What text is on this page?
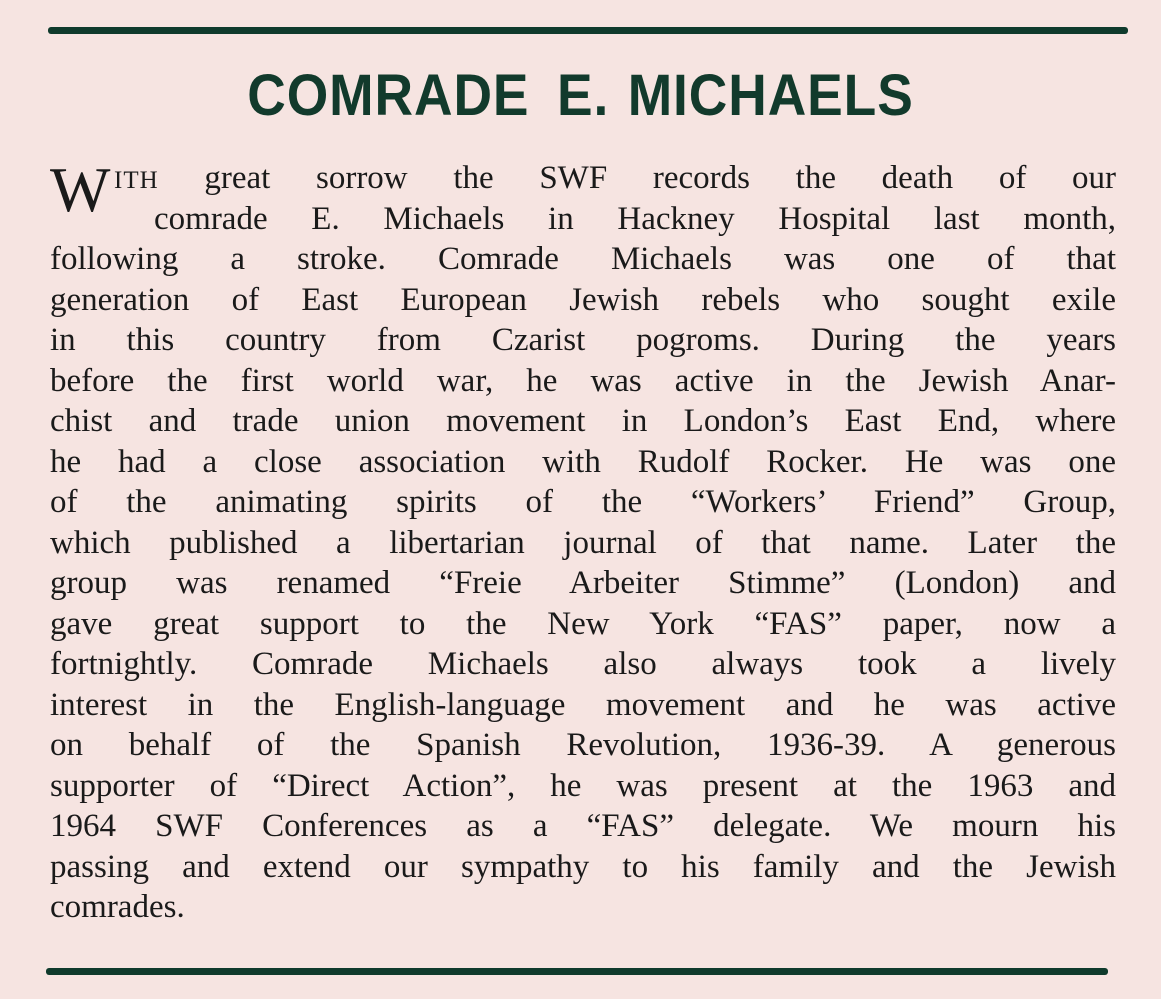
COMRADE E. MICHAELS
W ITH great sorrow the SWF records the death of our
comrade E. Michaels in Hackney Hospital last month,
following a stroke. Comrade Michaels was one of that
generation of East European Jewish rebels who sought exile
in this country from Czarist pogroms. During the years
before the first world war, he was active in the Jewish Anar-
chist and trade union movement in London’s East End, where
he had a close association with Rudolf Rocker. He was one
of the animating spirits of the “Workers’ Friend” Group,
which published a libertarian journal of that name. Later the
group was renamed “Freie Arbeiter Stimme” (London) and
gave great support to the New York “FAS” paper, now a
fortnightly. Comrade Michaels also always took a lively
interest in the English-language movement and he was active
on behalf of the Spanish Revolution, 1936-39. A generous
supporter of “Direct Action”, he was present at the 1963 and
1964 SWF Conferences as a “FAS” delegate. We mourn his
passing and extend our sympathy to his family and the Jewish
comrades.
